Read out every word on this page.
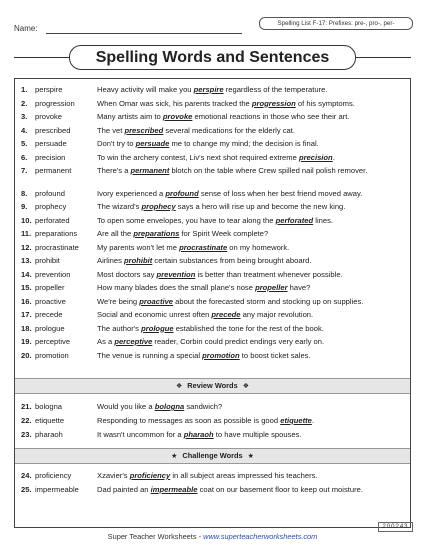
Name:
Spelling List F-17: Prefixes: pre-, pro-, per-
Spelling Words and Sentences
1.	perspire	Heavy activity will make you perspire regardless of the temperature.
2.	progression	When Omar was sick, his parents tracked the progression of his symptoms.
3.	provoke	Many artists aim to provoke emotional reactions in those who see their art.
4.	prescribed	The vet prescribed several medications for the elderly cat.
5.	persuade	Don't try to persuade me to change my mind; the decision is final.
6.	precision	To win the archery contest, Liv's next shot required extreme precision.
7.	permanent	There's a permanent blotch on the table where Crew spilled nail polish remover.
8.	profound	Ivory experienced a profound sense of loss when her best friend moved away.
9.	prophecy	The wizard's prophecy says a hero will rise up and become the new king.
10. perforated	To open some envelopes, you have to tear along the perforated lines.
11. preparations	Are all the preparations for Spirit Week complete?
12. procrastinate	My parents won't let me procrastinate on my homework.
13. prohibit	Airlines prohibit certain substances from being brought aboard.
14. prevention	Most doctors say prevention is better than treatment whenever possible.
15. propeller	How many blades does the small plane's nose propeller have?
16. proactive	We're being proactive about the forecasted storm and stocking up on supplies.
17. precede	Social and economic unrest often precede any major revolution.
18. prologue	The author's prologue established the tone for the rest of the book.
19. perceptive	As a perceptive reader, Corbin could predict endings very early on.
20. promotion	The venue is running a special promotion to boost ticket sales.
❖ Review Words ❖
21. bologna	Would you like a bologna sandwich?
22. etiquette	Responding to messages as soon as possible is good etiquette.
23. pharaoh	It wasn't uncommon for a pharaoh to have multiple spouses.
★ Challenge Words ★
24. proficiency	Xzavier's proficiency in all subject areas impressed his teachers.
25. impermeable	Dad painted an impermeable coat on our basement floor to keep out moisture.
200243
Super Teacher Worksheets - www.superteacherworksheets.com
